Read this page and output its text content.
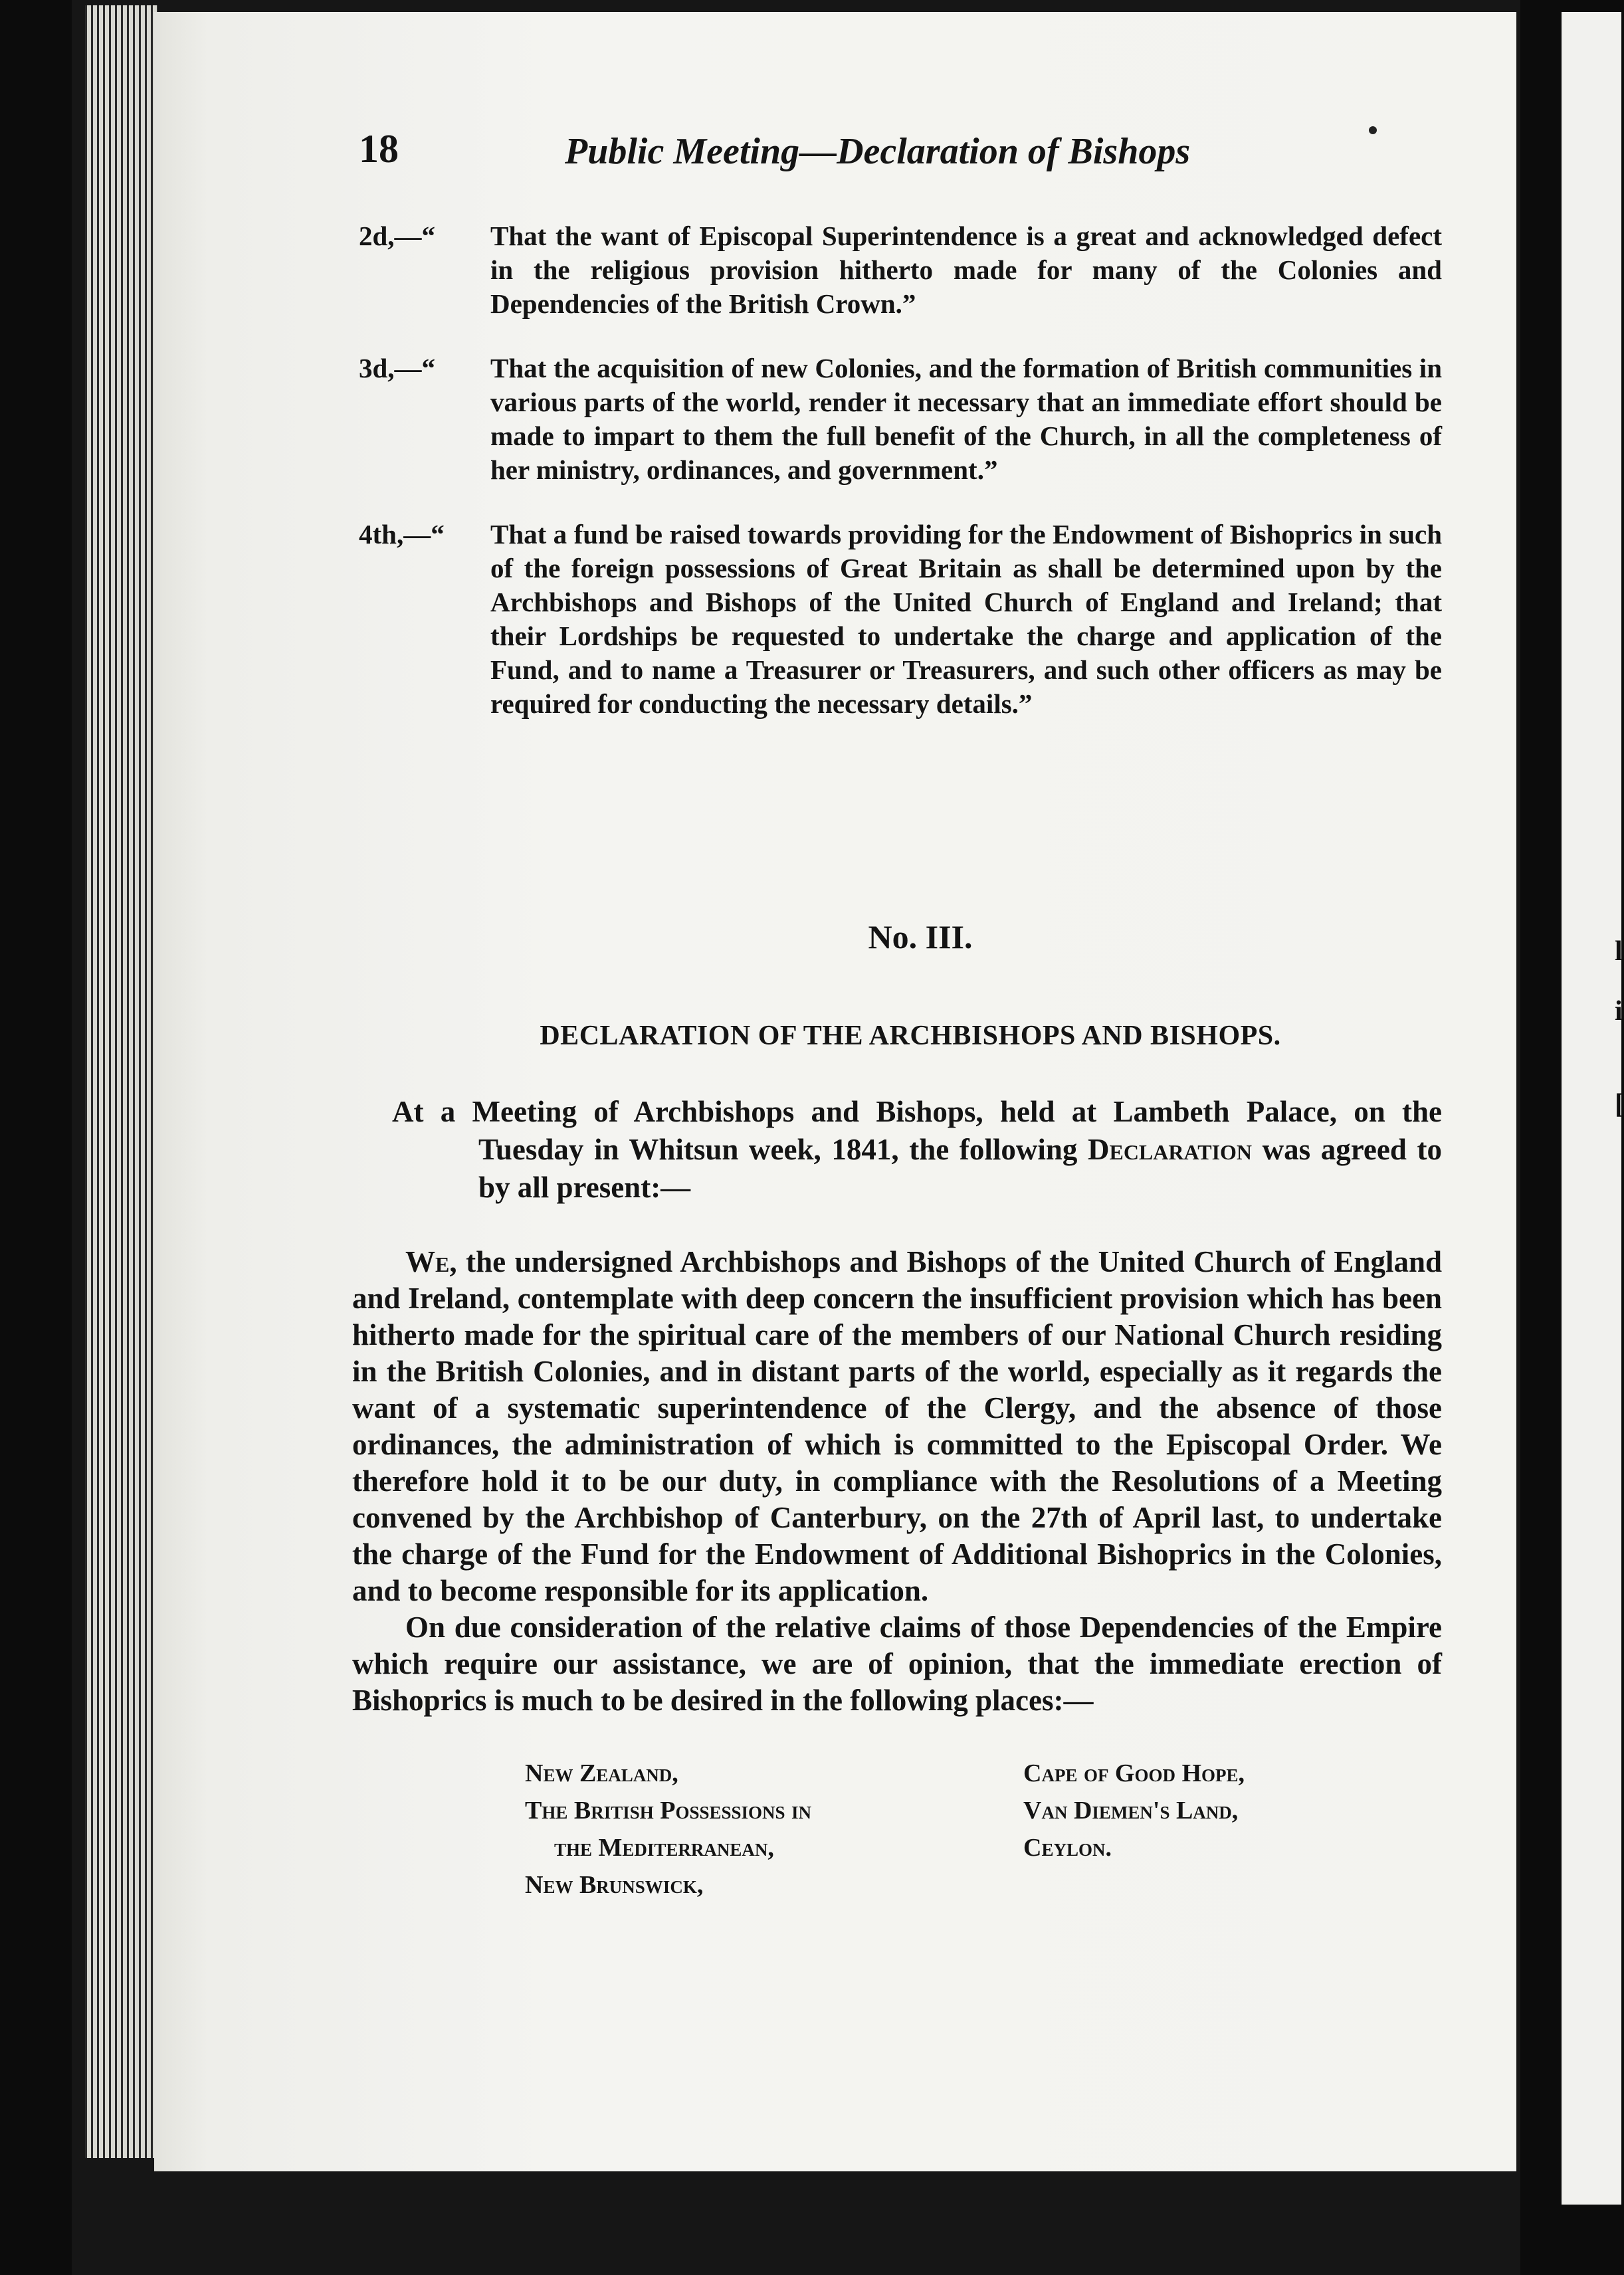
l
i
[
18	Public Meeting—Declaration of Bishops
2d,—“ That the want of Episcopal Superintendence is a great and acknowledged defect in the religious provision hitherto made for many of the Colonies and Dependencies of the British Crown.”
3d,—“ That the acquisition of new Colonies, and the formation of British communities in various parts of the world, render it necessary that an immediate effort should be made to impart to them the full benefit of the Church, in all the completeness of her ministry, ordinances, and government.”
4th,—“ That a fund be raised towards providing for the Endowment of Bishoprics in such of the foreign possessions of Great Britain as shall be determined upon by the Archbishops and Bishops of the United Church of England and Ireland; that their Lordships be requested to undertake the charge and application of the Fund, and to name a Treasurer or Treasurers, and such other officers as may be required for conducting the necessary details.”
No. III.
DECLARATION OF THE ARCHBISHOPS AND BISHOPS.
At a Meeting of Archbishops and Bishops, held at Lambeth Palace, on the Tuesday in Whitsun week, 1841, the following Declaration was agreed to by all present:—
We, the undersigned Archbishops and Bishops of the United Church of England and Ireland, contemplate with deep concern the insufficient provision which has been hitherto made for the spiritual care of the members of our National Church residing in the British Colonies, and in distant parts of the world, especially as it regards the want of a systematic superintendence of the Clergy, and the absence of those ordinances, the administration of which is committed to the Episcopal Order. We therefore hold it to be our duty, in compliance with the Resolutions of a Meeting convened by the Archbishop of Canterbury, on the 27th of April last, to undertake the charge of the Fund for the Endowment of Additional Bishoprics in the Colonies, and to become responsible for its application.
On due consideration of the relative claims of those Dependencies of the Empire which require our assistance, we are of opinion, that the immediate erection of Bishoprics is much to be desired in the following places:—
New Zealand,
The British Possessions in
the Mediterranean,
New Brunswick,
Cape of Good Hope,
Van Diemen's Land,
Ceylon.
